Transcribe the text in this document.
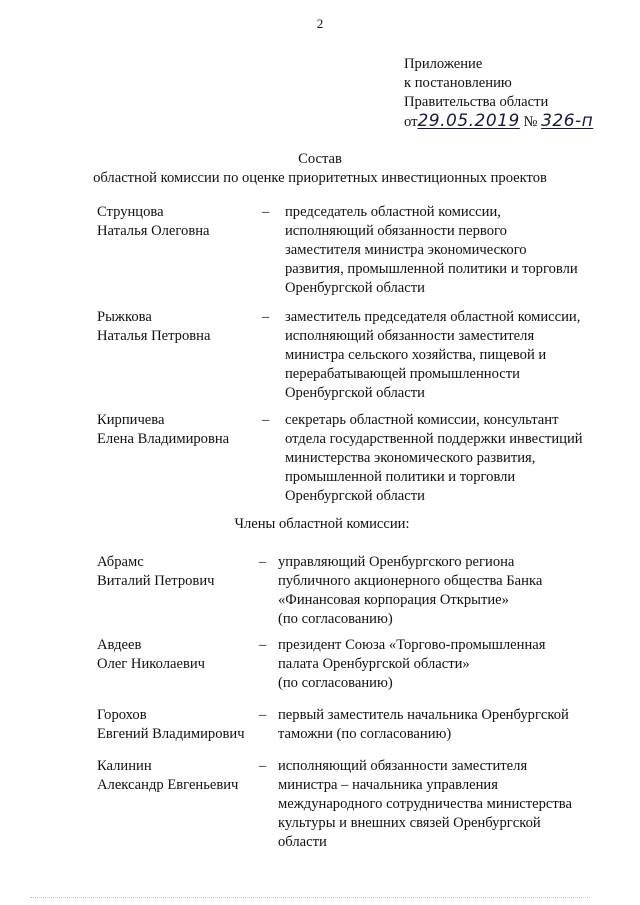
2
Приложение
к постановлению
Правительства области
от29.05.2019 № 326-п
Состав
областной комиссии по оценке приоритетных инвестиционных проектов
Струнцова
Наталья Олеговна
– председатель областной комиссии,
исполняющий обязанности первого
заместителя министра экономического
развития, промышленной политики и торговли
Оренбургской области
Рыжкова
Наталья Петровна
– заместитель председателя областной комиссии,
исполняющий обязанности заместителя
министра сельского хозяйства, пищевой и
перерабатывающей промышленности
Оренбургской области
Кирпичева
Елена Владимировна
– секретарь областной комиссии, консультант
отдела государственной поддержки инвестиций
министерства экономического развития,
промышленной политики и торговли
Оренбургской области
Члены областной комиссии:
Абрамс
Виталий Петрович
– управляющий Оренбургского региона
публичного акционерного общества Банка
«Финансовая корпорация Открытие»
(по согласованию)
Авдеев
Олег Николаевич
– президент Союза «Торгово-промышленная
палата Оренбургской области»
(по согласованию)
Горохов
Евгений Владимирович
– первый заместитель начальника Оренбургской
таможни (по согласованию)
Калинин
Александр Евгеньевич
– исполняющий обязанности заместителя
министра – начальника управления
международного сотрудничества министерства
культуры и внешних связей Оренбургской
области
